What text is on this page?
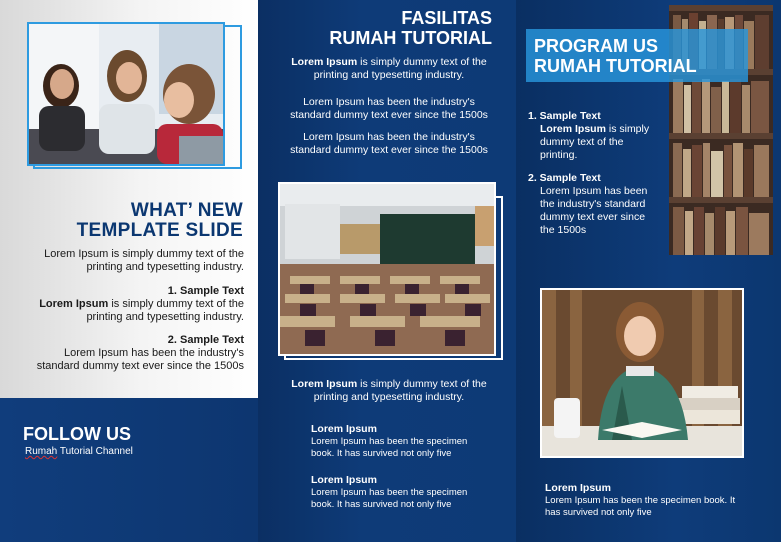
WHAT’ NEW
TEMPLATE SLIDE
Lorem Ipsum is simply dummy text of the
printing and typesetting industry.
1. Sample Text
Lorem Ipsum is simply dummy text of the
printing and typesetting industry.
2. Sample Text
Lorem Ipsum has been the industry's
standard dummy text ever since the 1500s
FOLLOW US
Rumah Tutorial Channel
FASILITAS
RUMAH TUTORIAL
Lorem Ipsum is simply dummy text of the
printing and typesetting industry.
Lorem Ipsum has been the industry's
standard dummy text ever since the 1500s
Lorem Ipsum has been the industry's
standard dummy text ever since the 1500s
Lorem Ipsum is simply dummy text of the
printing and typesetting industry.
Lorem Ipsum
Lorem Ipsum has been the specimen
book. It has survived not only five
Lorem Ipsum
Lorem Ipsum has been the specimen
book. It has survived not only five
PROGRAM US
RUMAH TUTORIAL
1. Sample Text
Lorem Ipsum is simply
dummy text of the
printing.
2. Sample Text
Lorem Ipsum has been
the industry's standard
dummy text ever since
the 1500s
Lorem Ipsum
Lorem Ipsum has been the specimen book. It
has survived not only five
